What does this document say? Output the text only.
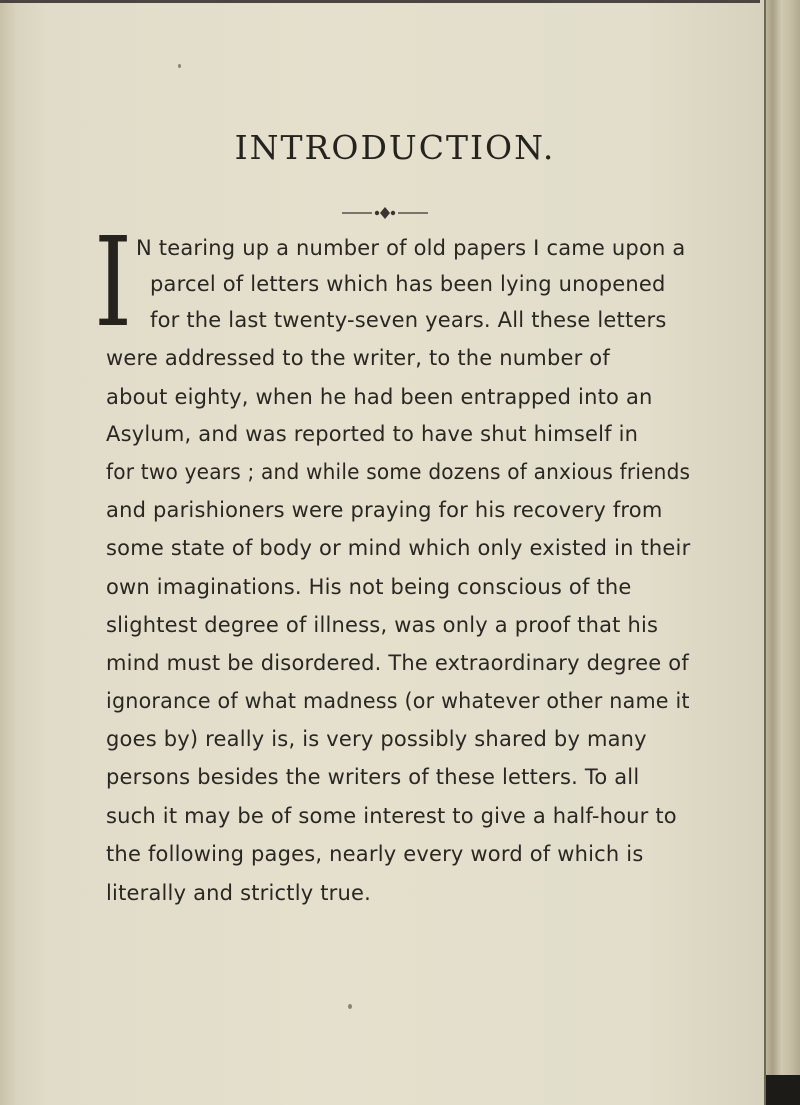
INTRODUCTION.
I N tearing up a number of old papers I came upon a
parcel of letters which has been lying unopened
for the last twenty-seven years. All these letters
were addressed to the writer, to the number of
about eighty, when he had been entrapped into an
Asylum, and was reported to have shut himself in
for two years ; and while some dozens of anxious friends
and parishioners were praying for his recovery from
some state of body or mind which only existed in their
own imaginations. His not being conscious of the
slightest degree of illness, was only a proof that his
mind must be disordered. The extraordinary degree of
ignorance of what madness (or whatever other name it
goes by) really is, is very possibly shared by many
persons besides the writers of these letters. To all
such it may be of some interest to give a half-hour to
the following pages, nearly every word of which is
literally and strictly true.
